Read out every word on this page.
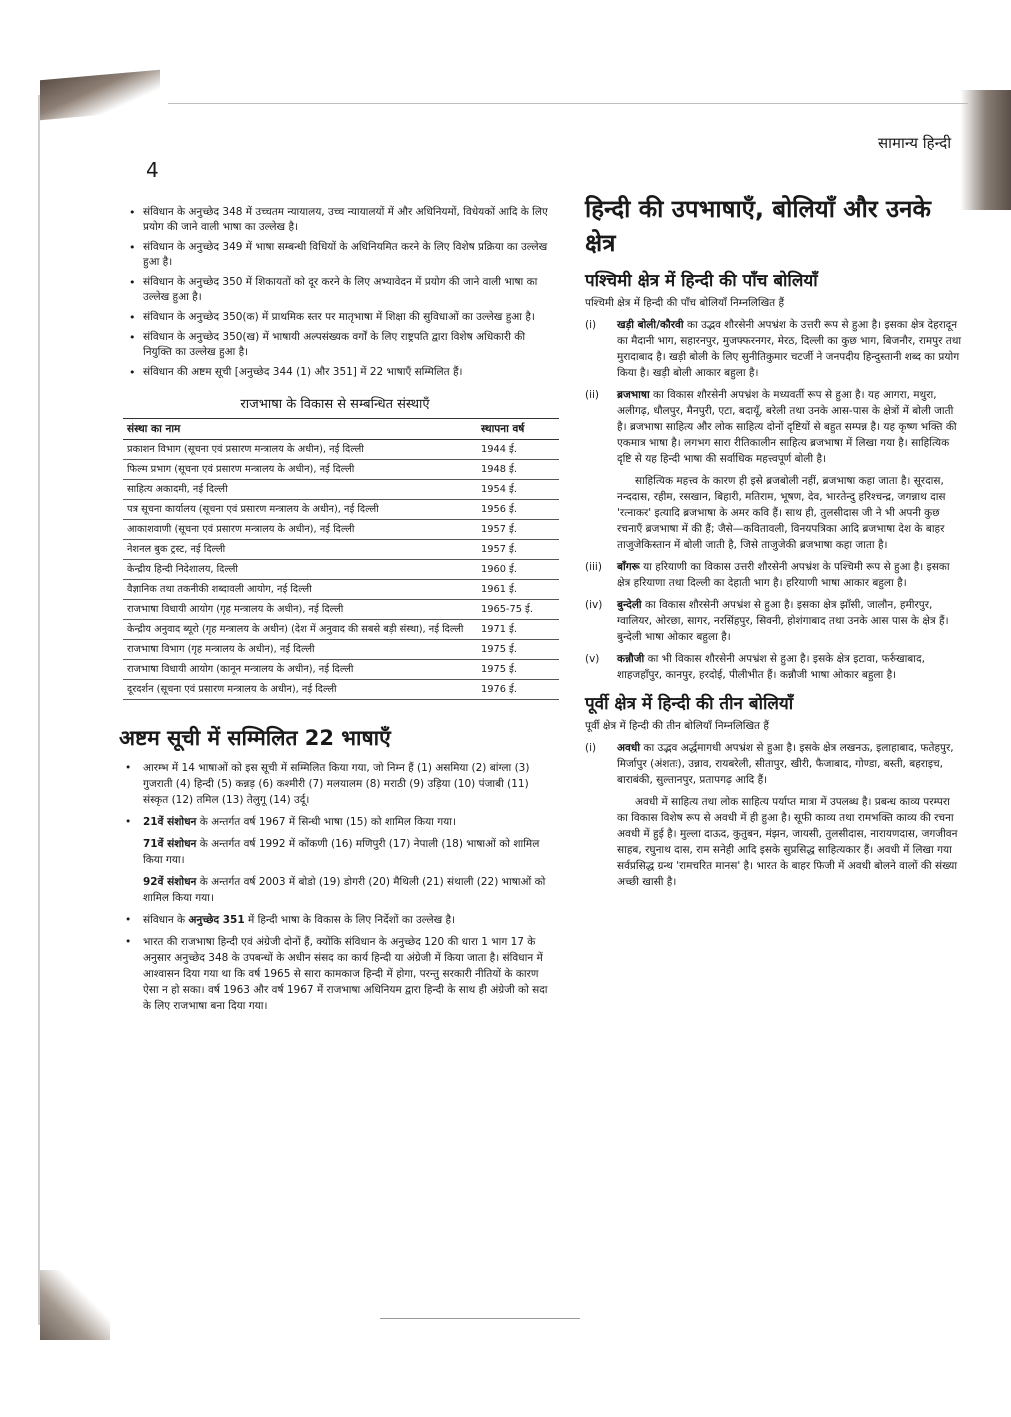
4
सामान्य हिन्दी
• संविधान के अनुच्छेद 348 में उच्चतम न्यायालय, उच्च न्यायालयों में और अधिनियमों, विधेयकों आदि के लिए प्रयोग की जाने वाली भाषा का उल्लेख है।
• संविधान के अनुच्छेद 349 में भाषा सम्बन्धी विधियों के अधिनियमित करने के लिए विशेष प्रक्रिया का उल्लेख हुआ है।
• संविधान के अनुच्छेद 350 में शिकायतों को दूर करने के लिए अभ्यावेदन में प्रयोग की जाने वाली भाषा का उल्लेख हुआ है।
• संविधान के अनुच्छेद 350(क) में प्राथमिक स्तर पर मातृभाषा में शिक्षा की सुविधाओं का उल्लेख हुआ है।
• संविधान के अनुच्छेद 350(ख) में भाषायी अल्पसंख्यक वर्गों के लिए राष्ट्रपति द्वारा विशेष अधिकारी की नियुक्ति का उल्लेख हुआ है।
• संविधान की अष्टम सूची [अनुच्छेद 344 (1) और 351] में 22 भाषाएँ सम्मिलित हैं।
राजभाषा के विकास से सम्बन्धित संस्थाएँ
संस्था का नाम	स्थापना वर्ष
प्रकाशन विभाग (सूचना एवं प्रसारण मन्त्रालय के अधीन), नई दिल्ली	1944 ई.
फिल्म प्रभाग (सूचना एवं प्रसारण मन्त्रालय के अधीन), नई दिल्ली	1948 ई.
साहित्य अकादमी, नई दिल्ली	1954 ई.
पत्र सूचना कार्यालय (सूचना एवं प्रसारण मन्त्रालय के अधीन), नई दिल्ली	1956 ई.
आकाशवाणी (सूचना एवं प्रसारण मन्त्रालय के अधीन), नई दिल्ली	1957 ई.
नेशनल बुक ट्रस्ट, नई दिल्ली	1957 ई.
केन्द्रीय हिन्दी निदेशालय, दिल्ली	1960 ई.
वैज्ञानिक तथा तकनीकी शब्दावली आयोग, नई दिल्ली	1961 ई.
राजभाषा विधायी आयोग (गृह मन्त्रालय के अधीन), नई दिल्ली	1965-75 ई.
केन्द्रीय अनुवाद ब्यूरो (गृह मन्त्रालय के अधीन) (देश में अनुवाद की सबसे बड़ी संस्था), नई दिल्ली	1971 ई.
राजभाषा विभाग (गृह मन्त्रालय के अधीन), नई दिल्ली	1975 ई.
राजभाषा विधायी आयोग (कानून मन्त्रालय के अधीन), नई दिल्ली	1975 ई.
दूरदर्शन (सूचना एवं प्रसारण मन्त्रालय के अधीन), नई दिल्ली	1976 ई.
अष्टम सूची में सम्मिलित 22 भाषाएँ
• आरम्भ में 14 भाषाओं को इस सूची में सम्मिलित किया गया, जो निम्न हैं (1) असमिया (2) बांग्ला (3) गुजराती (4) हिन्दी (5) कन्नड़ (6) कश्मीरी (7) मलयालम (8) मराठी (9) उड़िया (10) पंजाबी (11) संस्कृत (12) तमिल (13) तेलुगू (14) उर्दू।
• 21वें संशोधन के अन्तर्गत वर्ष 1967 में सिन्धी भाषा (15) को शामिल किया गया।
71वें संशोधन के अन्तर्गत वर्ष 1992 में कोंकणी (16) मणिपुरी (17) नेपाली (18) भाषाओं को शामिल किया गया।
92वें संशोधन के अन्तर्गत वर्ष 2003 में बोडो (19) डोगरी (20) मैथिली (21) संथाली (22) भाषाओं को शामिल किया गया।
• संविधान के अनुच्छेद 351 में हिन्दी भाषा के विकास के लिए निर्देशों का उल्लेख है।
• भारत की राजभाषा हिन्दी एवं अंग्रेजी दोनों हैं, क्योंकि संविधान के अनुच्छेद 120 की धारा 1 भाग 17 के अनुसार अनुच्छेद 348 के उपबन्धों के अधीन संसद का कार्य हिन्दी या अंग्रेजी में किया जाता है। संविधान में आश्वासन दिया गया था कि वर्ष 1965 से सारा कामकाज हिन्दी में होगा, परन्तु सरकारी नीतियों के कारण ऐसा न हो सका। वर्ष 1963 और वर्ष 1967 में राजभाषा अधिनियम द्वारा हिन्दी के साथ ही अंग्रेजी को सदा के लिए राजभाषा बना दिया गया।
हिन्दी की उपभाषाएँ, बोलियाँ और उनके क्षेत्र
पश्चिमी क्षेत्र में हिन्दी की पाँच बोलियाँ
पश्चिमी क्षेत्र में हिन्दी की पाँच बोलियाँ निम्नलिखित हैं
(i) खड़ी बोली/कौरवी का उद्भव शौरसेनी अपभ्रंश के उत्तरी रूप से हुआ है। इसका क्षेत्र देहरादून का मैदानी भाग, सहारनपुर, मुजफ्फरनगर, मेरठ, दिल्ली का कुछ भाग, बिजनौर, रामपुर तथा मुरादाबाद है। खड़ी बोली के लिए सुनीतिकुमार चटर्जी ने जनपदीय हिन्दुस्तानी शब्द का प्रयोग किया है। खड़ी बोली आकार बहुला है।
(ii) ब्रजभाषा का विकास शौरसेनी अपभ्रंश के मध्यवर्ती रूप से हुआ है। यह आगरा, मथुरा, अलीगढ़, धौलपुर, मैनपुरी, एटा, बदायूँ, बरेली तथा उनके आस-पास के क्षेत्रों में बोली जाती है। ब्रजभाषा साहित्य और लोक साहित्य दोनों दृष्टियों से बहुत सम्पन्न है। यह कृष्ण भक्ति की एकमात्र भाषा है। लगभग सारा रीतिकालीन साहित्य ब्रजभाषा में लिखा गया है। साहित्यिक दृष्टि से यह हिन्दी भाषा की सर्वाधिक महत्त्वपूर्ण बोली है।
साहित्यिक महत्त्व के कारण ही इसे ब्रजबोली नहीं, ब्रजभाषा कहा जाता है। सूरदास, नन्ददास, रहीम, रसखान, बिहारी, मतिराम, भूषण, देव, भारतेन्दु हरिश्चन्द्र, जगन्नाथ दास 'रत्नाकर' इत्यादि ब्रजभाषा के अमर कवि हैं। साथ ही, तुलसीदास जी ने भी अपनी कुछ रचनाएँ ब्रजभाषा में की हैं; जैसे—कवितावली, विनयपत्रिका आदि ब्रजभाषा देश के बाहर ताजुजेकिस्तान में बोली जाती है, जिसे ताजुजेकी ब्रजभाषा कहा जाता है।
(iii) बाँगरू या हरियाणी का विकास उत्तरी शौरसेनी अपभ्रंश के पश्चिमी रूप से हुआ है। इसका क्षेत्र हरियाणा तथा दिल्ली का देहाती भाग है। हरियाणी भाषा आकार बहुला है।
(iv) बुन्देली का विकास शौरसेनी अपभ्रंश से हुआ है। इसका क्षेत्र झाँसी, जालौन, हमीरपुर, ग्वालियर, ओरछा, सागर, नरसिंहपुर, सिवनी, होशंगाबाद तथा उनके आस पास के क्षेत्र हैं। बुन्देली भाषा ओकार बहुला है।
(v) कन्नौजी का भी विकास शौरसेनी अपभ्रंश से हुआ है। इसके क्षेत्र इटावा, फर्रुखाबाद, शाहजहाँपुर, कानपुर, हरदोई, पीलीभीत हैं। कन्नौजी भाषा ओकार बहुला है।
पूर्वी क्षेत्र में हिन्दी की तीन बोलियाँ
पूर्वी क्षेत्र में हिन्दी की तीन बोलियाँ निम्नलिखित हैं
(i) अवधी का उद्भव अर्द्धमागधी अपभ्रंश से हुआ है। इसके क्षेत्र लखनऊ, इलाहाबाद, फतेहपुर, मिर्जापुर (अंशतः), उन्नाव, रायबरेली, सीतापुर, खीरी, फैजाबाद, गोण्डा, बस्ती, बहराइच, बाराबंकी, सुल्तानपुर, प्रतापगढ़ आदि हैं।
अवधी में साहित्य तथा लोक साहित्य पर्याप्त मात्रा में उपलब्ध है। प्रबन्ध काव्य परम्परा का विकास विशेष रूप से अवधी में ही हुआ है। सूफी काव्य तथा रामभक्ति काव्य की रचना अवधी में हुई है। मुल्ला दाऊद, कुतुबन, मंझन, जायसी, तुलसीदास, नारायणदास, जगजीवन साहब, रघुनाथ दास, राम सनेही आदि इसके सुप्रसिद्ध साहित्यकार हैं। अवधी में लिखा गया सर्वप्रसिद्ध ग्रन्थ 'रामचरित मानस' है। भारत के बाहर फिजी में अवधी बोलने वालों की संख्या अच्छी खासी है।
